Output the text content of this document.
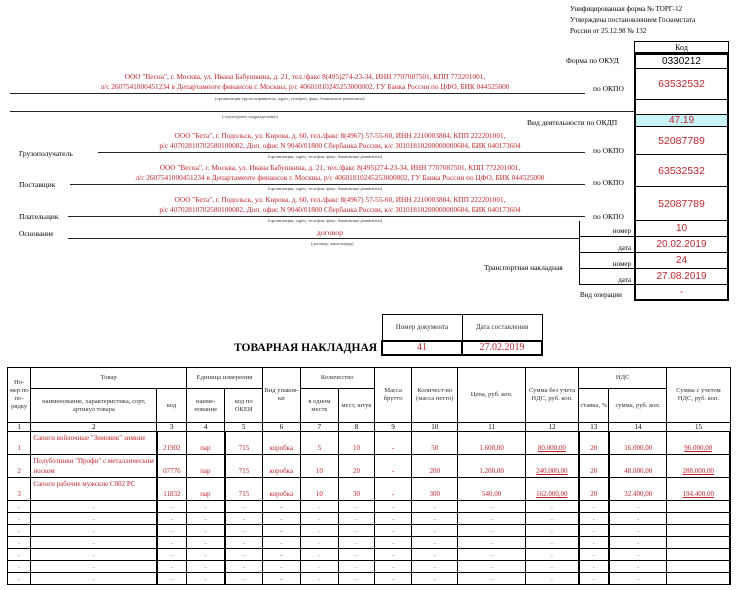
Унифицированная форма № ТОРГ-12
Утверждена постановлением Госкомстата
России от 25.12.98 № 132
Код
Форма по ОКУД	0330212
ООО "Весна", г. Москва, ул. Ивана Бабушкина, д. 21, тел./факс 8(495)274-23-34, ИНН 7707087501, КПП 772201001,
л/с 2607541000451234 в Департаменте финансов г. Москвы, р/с 40601810245253000002, ГУ Банка России по ЦФО, БИК 044525000
(организация-грузоотправитель, адрес, телефон, факс, банковские реквизиты)
по ОКПО	63532532
(структурное подразделение)
Вид деятельности по ОКДП	47.19
Грузополучатель
ООО "Бета", г. Подольск, ул. Кирова, д. 60, тел./факс 8(4967) 57-55-60, ИНН 2210003884, КПП 222201001,
р/с 40702810702580100082, Доп. офис N 9040/01800 Сбербанка России, к/с 30101810200000000604, БИК 040173604
(организация, адрес, телефон, факс, банковские реквизиты)
по ОКПО
52087789
Поставщик
ООО "Весна", г. Москва, ул. Ивана Бабушкина, д. 21, тел./факс 8(495)274-23-34, ИНН 7707087501, КПП 772201001,
л/с 2607541000451234 в Департаменте финансов г. Москвы, р/с 40601810245253000002, ГУ Банка России по ЦФО, БИК 044525000
(организация, адрес, телефон, факс, банковские реквизиты)
по ОКПО
63532532
Плательщик
ООО "Бета", г. Подольск, ул. Кирова, д. 60, тел./факс 8(4967) 57-55-60, ИНН 2210003884, КПП 222201001,
р/с 40702810702580100082, Доп. офис N 9040/01800 Сбербанка России, к/с 30101810200000000604, БИК 040173604
(организация, адрес, телефон, факс, банковские реквизиты)	по ОКПО
52087789
Основание	договор
(договор, заказ-наряд)
номер	10
дата	20.02.2019
Транспортная накладная	номер	24
дата	27.08.2019
Вид операции	-
ТОВАРНАЯ НАКЛАДНАЯ
Номер документа	Дата составления
41	27.02.2019
Но-мер по по-рядку	Товар		Единица измерения		Вид упаков-ки	Количество		Масса брутто	Количест-во (масса нетто)	Цена, руб. коп.	Сумма без учета НДС, руб. коп.	НДС		Сумма с учетом НДС, руб. коп.
	наименование, характеристика, сорт, артикул товара	код	наиме-нование	код по ОКЕИ		в одном месте	мест, штук					ставка, %	сумма, руб. коп.	
1	2	3	4	5	6	7	8	9	10	11	12	13	14	15
1	Сапоги войлочные "Зимовик" зимние	21902	пар	715	коробка	5	10	-	50	1.600,00	80.000,00	20	16.000,00	96.000,00
2	Полуботинки "Профи" с металлическим носком	07776	пар	715	коробка	10	20	-	200	1.200,00	240.000,00	20	48.000,00	288.000,00
3	Сапоги рабочие мужские С002 РС	11832	пар	715	коробка	10	30	-	300	540,00	162.000,00	20	32.400,00	194.400,00
-	-	-	-	-	-	-	-	-	-	-	-	-	-	
-	-	-	-	-	-	-	-	-	-	-	-	-	-	
-	-	-	-	-	-	-	-	-	-	-	-	-	-	
-	-	-	-	-	-	-	-	-	-	-	-	-	-	
-	-	-	-	-	-	-	-	-	-	-	-	-	-	
-	-	-	-	-	-	-	-	-	-	-	-	-	-	
-	-	-	-	-	-	-	-	-	-	-	-	-	-	
